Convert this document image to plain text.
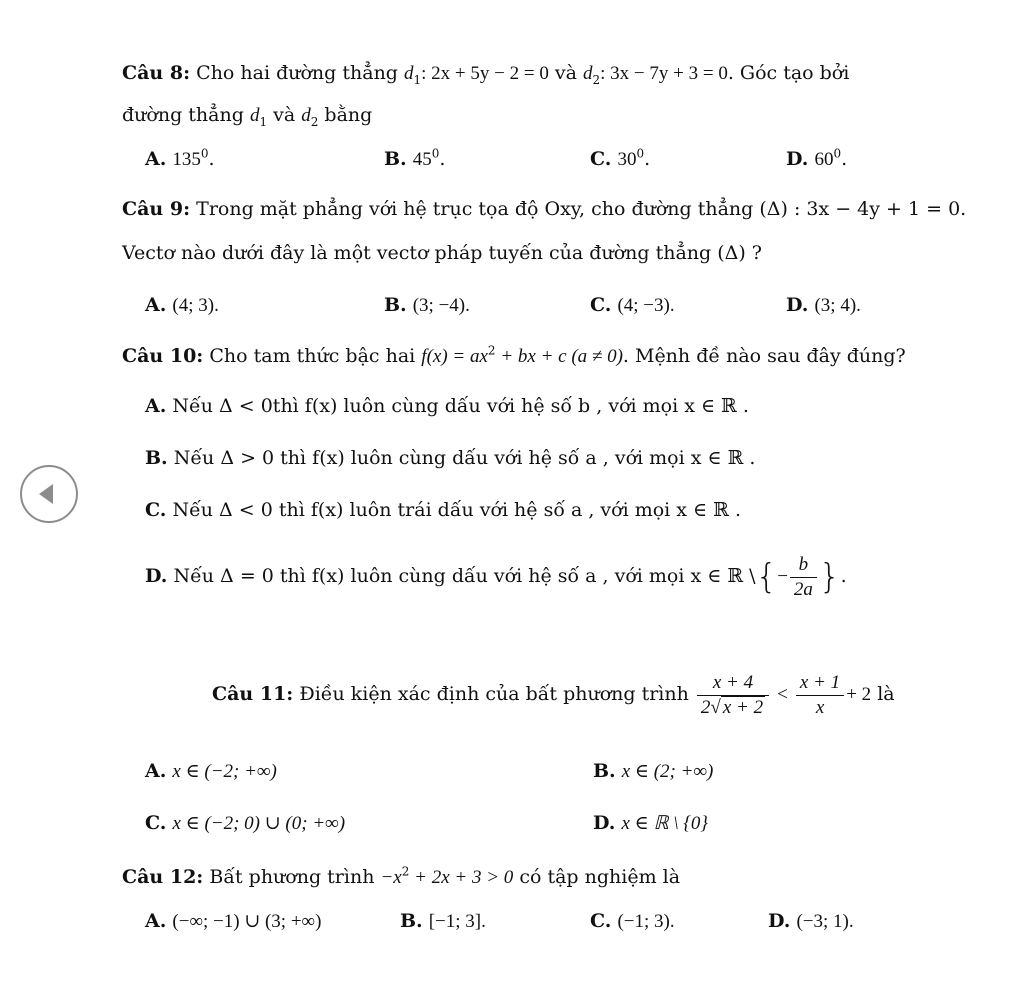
Câu 8: Cho hai đường thẳng $d_1$: 2x + 5y − 2 = 0 và $d_2$: 3x − 7y + 3 = 0. Góc tạo bởi
đường thẳng $d_1$ và $d_2$ bằng
A. $135^0$.	B. $45^0$.	C. $30^0$.	D. $60^0$.
Câu 9: Trong mặt phẳng với hệ trục tọa độ Oxy, cho đường thẳng (Δ) : 3x − 4y + 1 = 0.
Vectơ nào dưới đây là một vectơ pháp tuyến của đường thẳng (Δ) ?
A. (4; 3).	B. (3; −4).	C. (4; −3).	D. (3; 4).
Câu 10: Cho tam thức bậc hai $f(x) = ax^2$ + bx + c (a ≠ 0). Mệnh đề nào sau đây đúng?
A. Nếu Δ < 0thì f(x) luôn cùng dấu với hệ số b , với mọi x ∈ ℝ .
B. Nếu Δ > 0 thì f(x) luôn cùng dấu với hệ số a , với mọi x ∈ ℝ .
C. Nếu Δ < 0 thì f(x) luôn trái dấu với hệ số a , với mọi x ∈ ℝ .
D. Nếu Δ = 0 thì f(x) luôn cùng dấu với hệ số a , với mọi x ∈ ℝ \{− $\frac{b}{2a}$ }.
Câu 11: Điều kiện xác định của bất phương trình $\frac{x + 4}{2√ x + 2} < \frac{x + 1}{x} + 2$ là
A. x ∈ (−2; +∞)	B. x ∈ (2; +∞)
C. x ∈ (−2; 0) ∪ (0; +∞)	D. x ∈ ℝ \ {0}
Câu 12: Bất phương trình $-x^2 + 2x + 3 > 0$ có tập nghiệm là
A. (−∞; −1) ∪ (3; +∞)	B. [−1; 3].	C. (−1; 3).	D. (−3; 1).
